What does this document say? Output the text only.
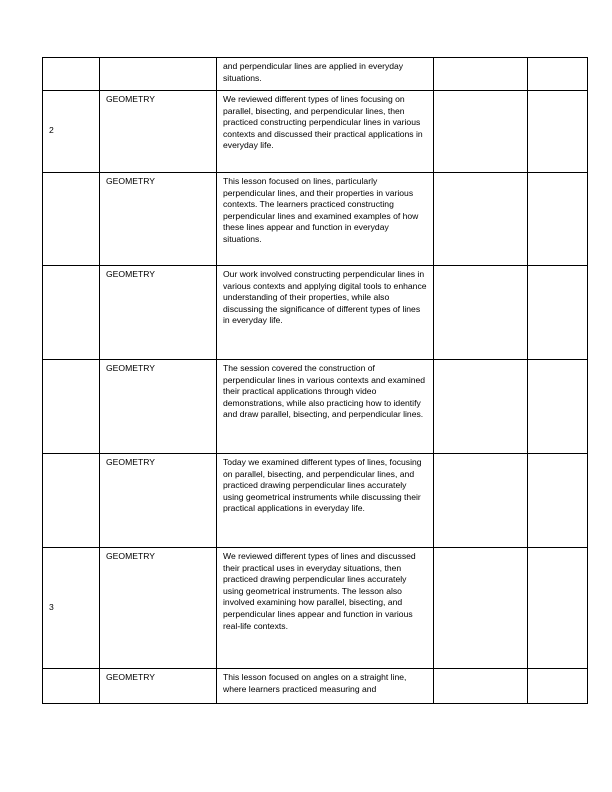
		and perpendicular lines are applied in everyday situations.		
2	GEOMETRY	We reviewed different types of lines focusing on parallel, bisecting, and perpendicular lines, then practiced constructing perpendicular lines in various contexts and discussed their practical applications in everyday life.		
	GEOMETRY	This lesson focused on lines, particularly perpendicular lines, and their properties in various contexts. The learners practiced constructing perpendicular lines and examined examples of how these lines appear and function in everyday situations.		
	GEOMETRY	Our work involved constructing perpendicular lines in various contexts and applying digital tools to enhance understanding of their properties, while also discussing the significance of different types of lines in everyday life.		
	GEOMETRY	The session covered the construction of perpendicular lines in various contexts and examined their practical applications through video demonstrations, while also practicing how to identify and draw parallel, bisecting, and perpendicular lines.		
	GEOMETRY	Today we examined different types of lines, focusing on parallel, bisecting, and perpendicular lines, and practiced drawing perpendicular lines accurately using geometrical instruments while discussing their practical applications in everyday life.		
3	GEOMETRY	We reviewed different types of lines and discussed their practical uses in everyday situations, then practiced drawing perpendicular lines accurately using geometrical instruments. The lesson also involved examining how parallel, bisecting, and perpendicular lines appear and function in various real-life contexts.		
	GEOMETRY	This lesson focused on angles on a straight line, where learners practiced measuring and		
